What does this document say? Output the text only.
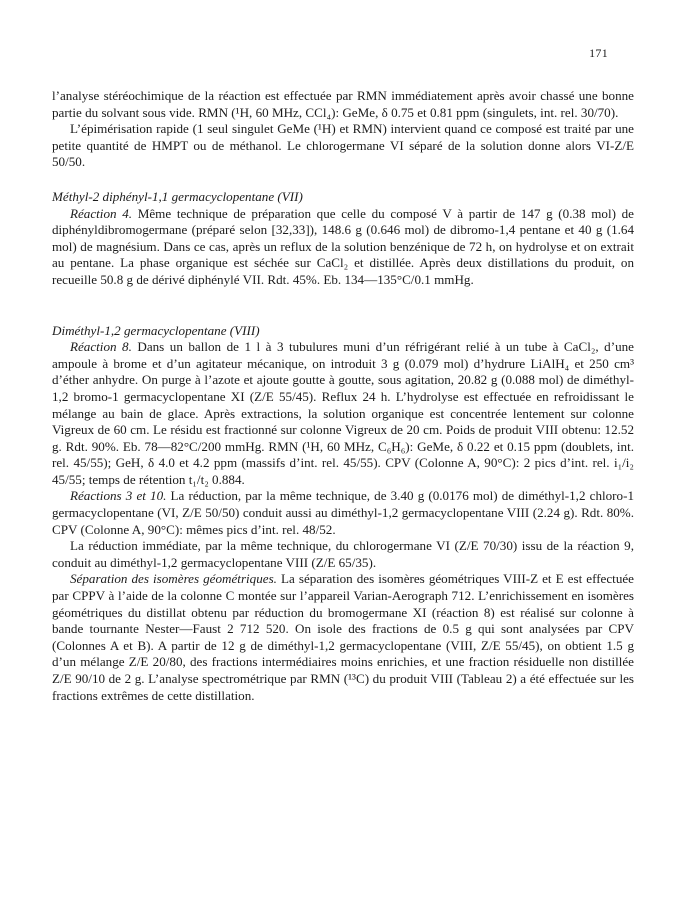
171

l’analyse stéréochimique de la réaction est effectuée par RMN immédiatement après avoir chassé une bonne partie du solvant sous vide. RMN (¹H, 60 MHz, CCl₄): GeMe, δ 0.75 et 0.81 ppm (singulets, int. rel. 30/70).

L’épimérisation rapide (1 seul singulet GeMe (¹H) et RMN) intervient quand ce composé est traité par une petite quantité de HMPT ou de méthanol. Le chlorogermane VI séparé de la solution donne alors VI-Z/E 50/50.

Méthyl-2 diphényl-1,1 germacyclopentane (VII)

Réaction 4. Même technique de préparation que celle du composé V à partir de 147 g (0.38 mol) de diphényldibromogermane (préparé selon [32,33]), 148.6 g (0.646 mol) de dibromo-1,4 pentane et 40 g (1.64 mol) de magnésium. Dans ce cas, après un reflux de la solution benzénique de 72 h, on hydrolyse et on extrait au pentane. La phase organique est séchée sur CaCl₂ et distillée. Après deux distillations du produit, on recueille 50.8 g de dérivé diphénylé VII. Rdt. 45%. Eb. 134—135°C/0.1 mmHg.

Diméthyl-1,2 germacyclopentane (VIII)

Réaction 8. Dans un ballon de 1 l à 3 tubulures muni d’un réfrigérant relié à un tube à CaCl₂, d’une ampoule à brome et d’un agitateur mécanique, on introduit 3 g (0.079 mol) d’hydrure LiAlH₄ et 250 cm³ d’éther anhydre. On purge à l’azote et ajoute goutte à goutte, sous agitation, 20.82 g (0.088 mol) de diméthyl-1,2 bromo-1 germacyclopentane XI (Z/E 55/45). Reflux 24 h. L’hydrolyse est effectuée en refroidissant le mélange au bain de glace. Après extractions, la solution organique est concentrée lentement sur colonne Vigreux de 60 cm. Le résidu est fractionné sur colonne Vigreux de 20 cm. Poids de produit VIII obtenu: 12.52 g. Rdt. 90%. Eb. 78—82°C/200 mmHg. RMN (¹H, 60 MHz, C₆H₆): GeMe, δ 0.22 et 0.15 ppm (doublets, int. rel. 45/55); GeH, δ 4.0 et 4.2 ppm (massifs d’int. rel. 45/55). CPV (Colonne A, 90°C): 2 pics d’int. rel. i₁/i₂ 45/55; temps de rétention t₁/t₂ 0.884.

Réactions 3 et 10. La réduction, par la même technique, de 3.40 g (0.0176 mol) de diméthyl-1,2 chloro-1 germacyclopentane (VI, Z/E 50/50) conduit aussi au diméthyl-1,2 germacyclopentane VIII (2.24 g). Rdt. 80%. CPV (Colonne A, 90°C): mêmes pics d’int. rel. 48/52.

La réduction immédiate, par la même technique, du chlorogermane VI (Z/E 70/30) issu de la réaction 9, conduit au diméthyl-1,2 germacyclopentane VIII (Z/E 65/35).

Séparation des isomères géométriques. La séparation des isomères géométriques VIII-Z et E est effectuée par CPPV à l’aide de la colonne C montée sur l’appareil Varian-Aerograph 712. L’enrichissement en isomères géométriques du distillat obtenu par réduction du bromogermane XI (réaction 8) est réalisé sur colonne à bande tournante Nester—Faust 2 712 520. On isole des fractions de 0.5 g qui sont analysées par CPV (Colonnes A et B). A partir de 12 g de diméthyl-1,2 germacyclopentane (VIII, Z/E 55/45), on obtient 1.5 g d’un mélange Z/E 20/80, des fractions intermédiaires moins enrichies, et une fraction résiduelle non distillée Z/E 90/10 de 2 g. L’analyse spectrométrique par RMN (¹³C) du produit VIII (Tableau 2) a été effectuée sur les fractions extrêmes de cette distillation.
